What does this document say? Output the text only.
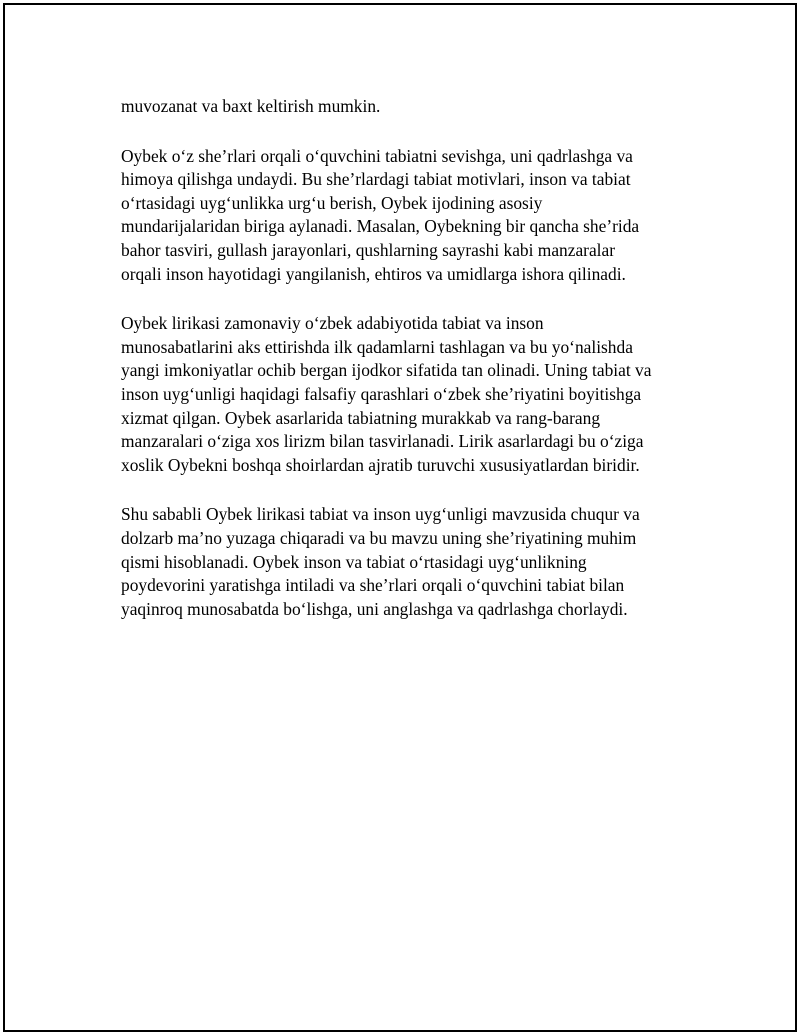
muvozanat va baxt keltirish mumkin.

Oybek o‘z she’rlari orqali o‘quvchini tabiatni sevishga, uni qadrlashga va
himoya qilishga undaydi. Bu she’rlardagi tabiat motivlari, inson va tabiat
o‘rtasidagi uyg‘unlikka urg‘u berish, Oybek ijodining asosiy
mundarijalaridan biriga aylanadi. Masalan, Oybekning bir qancha she’rida
bahor tasviri, gullash jarayonlari, qushlarning sayrashi kabi manzaralar
orqali inson hayotidagi yangilanish, ehtiros va umidlarga ishora qilinadi.

Oybek lirikasi zamonaviy o‘zbek adabiyotida tabiat va inson
munosabatlarini aks ettirishda ilk qadamlarni tashlagan va bu yo‘nalishda
yangi imkoniyatlar ochib bergan ijodkor sifatida tan olinadi. Uning tabiat va
inson uyg‘unligi haqidagi falsafiy qarashlari o‘zbek she’riyatini boyitishga
xizmat qilgan. Oybek asarlarida tabiatning murakkab va rang-barang
manzaralari o‘ziga xos lirizm bilan tasvirlanadi. Lirik asarlardagi bu o‘ziga
xoslik Oybekni boshqa shoirlardan ajratib turuvchi xususiyatlardan biridir.

Shu sababli Oybek lirikasi tabiat va inson uyg‘unligi mavzusida chuqur va
dolzarb ma’no yuzaga chiqaradi va bu mavzu uning she’riyatining muhim
qismi hisoblanadi. Oybek inson va tabiat o‘rtasidagi uyg‘unlikning
poydevorini yaratishga intiladi va she’rlari orqali o‘quvchini tabiat bilan
yaqinroq munosabatda bo‘lishga, uni anglashga va qadrlashga chorlaydi.
